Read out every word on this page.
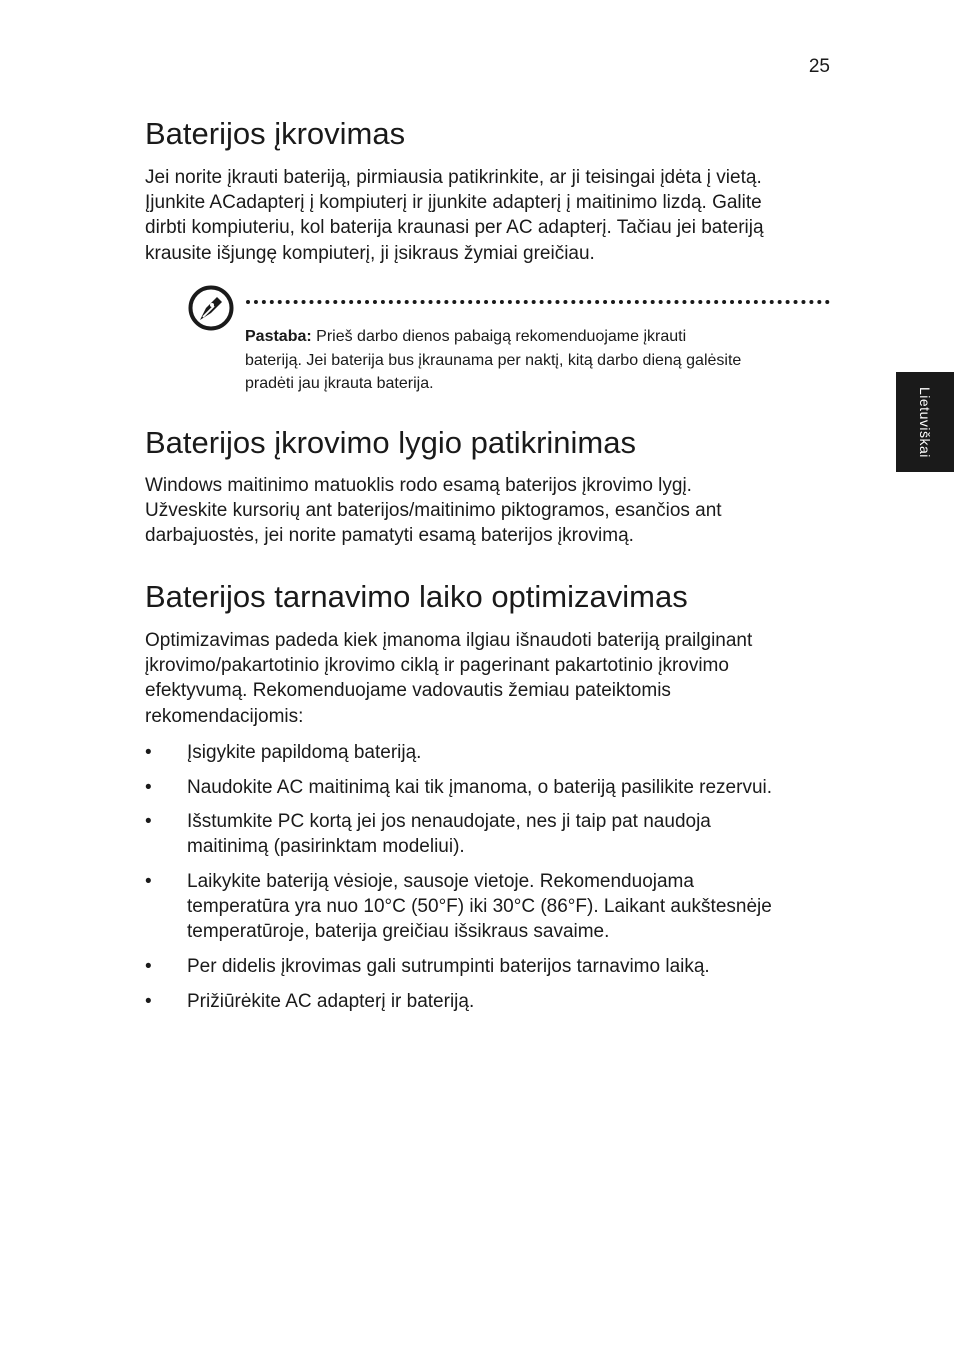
25
Lietuviškai
Baterijos įkrovimas

Jei norite įkrauti bateriją, pirmiausia patikrinkite, ar ji teisingai įdėta į vietą.
Įjunkite ACadapterį į kompiuterį ir įjunkite adapterį į maitinimo lizdą. Galite
dirbti kompiuteriu, kol baterija kraunasi per AC adapterį. Tačiau jei bateriją
krausite išjungę kompiuterį, ji įsikraus žymiai greičiau.

Pastaba: Prieš darbo dienos pabaigą rekomenduojame įkrauti
bateriją. Jei baterija bus įkraunama per naktį, kitą darbo dieną galėsite
pradėti jau įkrauta baterija.

Baterijos įkrovimo lygio patikrinimas

Windows maitinimo matuoklis rodo esamą baterijos įkrovimo lygį.
Užveskite kursorių ant baterijos/maitinimo piktogramos, esančios ant
darbajuostės, jei norite pamatyti esamą baterijos įkrovimą.

Baterijos tarnavimo laiko optimizavimas

Optimizavimas padeda kiek įmanoma ilgiau išnaudoti bateriją prailginant
įkrovimo/pakartotinio įkrovimo ciklą ir pagerinant pakartotinio įkrovimo
efektyvumą. Rekomenduojame vadovautis žemiau pateiktomis
rekomendacijomis:

• Įsigykite papildomą bateriją.
• Naudokite AC maitinimą kai tik įmanoma, o bateriją pasilikite rezervui.
• Išstumkite PC kortą jei jos nenaudojate, nes ji taip pat naudoja
maitinimą (pasirinktam modeliui).
• Laikykite bateriją vėsioje, sausoje vietoje. Rekomenduojama
temperatūra yra nuo 10°C (50°F) iki 30°C (86°F). Laikant aukštesnėje
temperatūroje, baterija greičiau išsikraus savaime.
• Per didelis įkrovimas gali sutrumpinti baterijos tarnavimo laiką.
• Prižiūrėkite AC adapterį ir bateriją.
